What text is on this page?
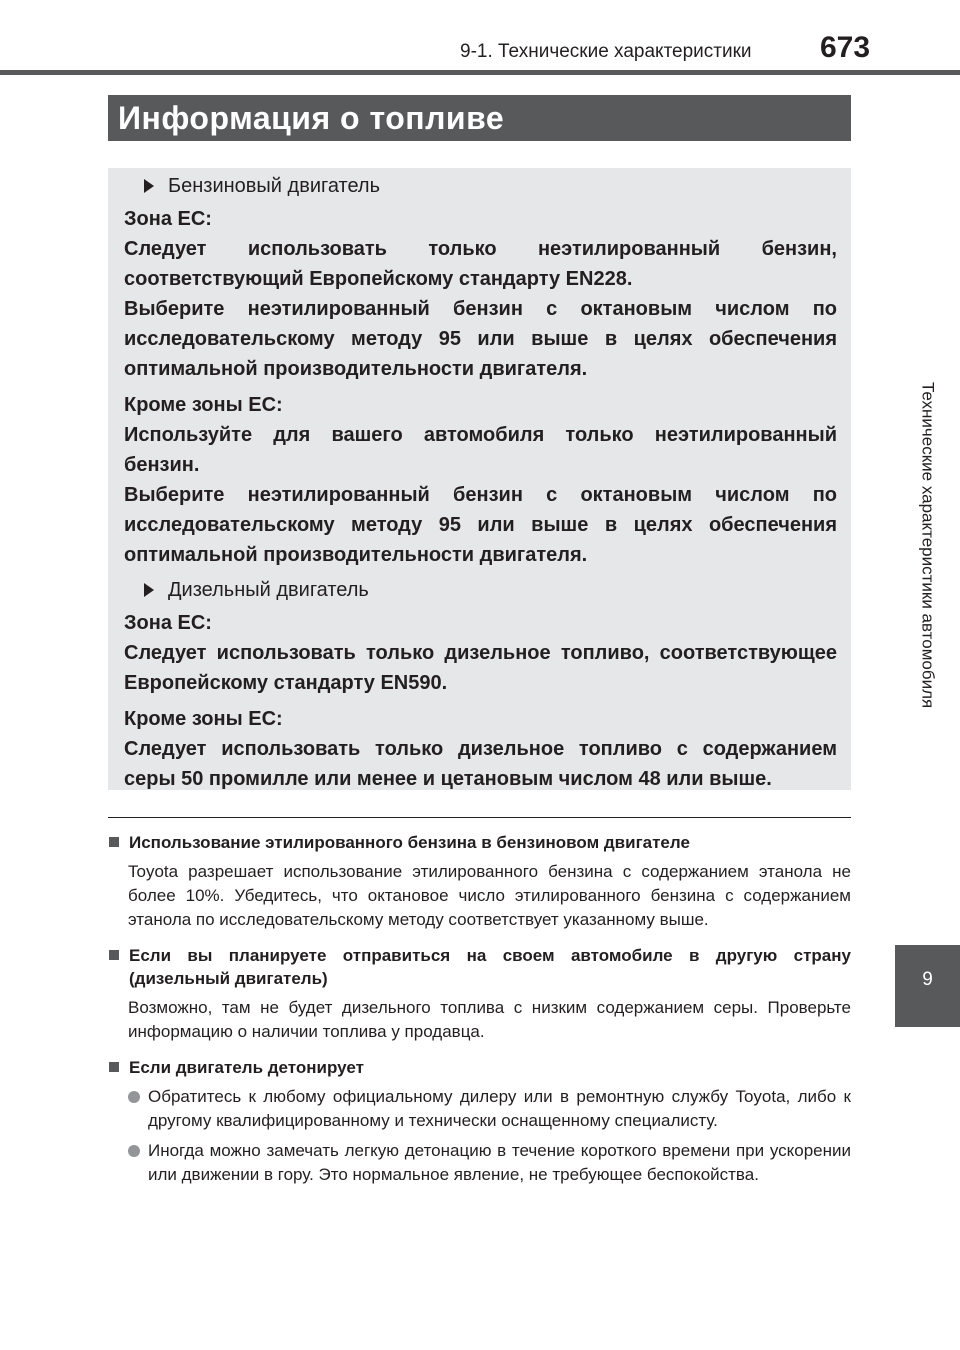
9-1. Технические характеристики 673
Информация о топливе
Технические характеристики автомобиля
9
Бензиновый двигатель
Зона ЕС:

Следует использовать только неэтилированный бензин, соответствующий Европейскому стандарту EN228.

Выберите неэтилированный бензин с октановым числом по исследовательскому методу 95 или выше в целях обеспечения оптимальной производительности двигателя.

Кроме зоны ЕС:

Используйте для вашего автомобиля только неэтилированный бензин.

Выберите неэтилированный бензин с октановым числом по исследовательскому методу 95 или выше в целях обеспечения оптимальной производительности двигателя.

Дизельный двигатель
Зона ЕС:

Следует использовать только дизельное топливо, соответствующее Европейскому стандарту EN590.

Кроме зоны ЕС:

Следует использовать только дизельное топливо с содержанием серы 50 промилле или менее и цетановым числом 48 или выше.

Использование этилированного бензина в бензиновом двигателе
Toyota разрешает использование этилированного бензина с содержанием этанола не более 10%. Убедитесь, что октановое число этилированного бензина с содержанием этанола по исследовательскому методу соответствует указанному выше.
Если вы планируете отправиться на своем автомобиле в другую страну (дизельный двигатель)
Возможно, там не будет дизельного топлива с низким содержанием серы. Проверьте информацию о наличии топлива у продавца.
Если двигатель детонирует
Обратитесь к любому официальному дилеру или в ремонтную службу Toyota, либо к другому квалифицированному и технически оснащенному специалисту.
Иногда можно замечать легкую детонацию в течение короткого времени при ускорении или движении в гору. Это нормальное явление, не требующее беспокойства.
